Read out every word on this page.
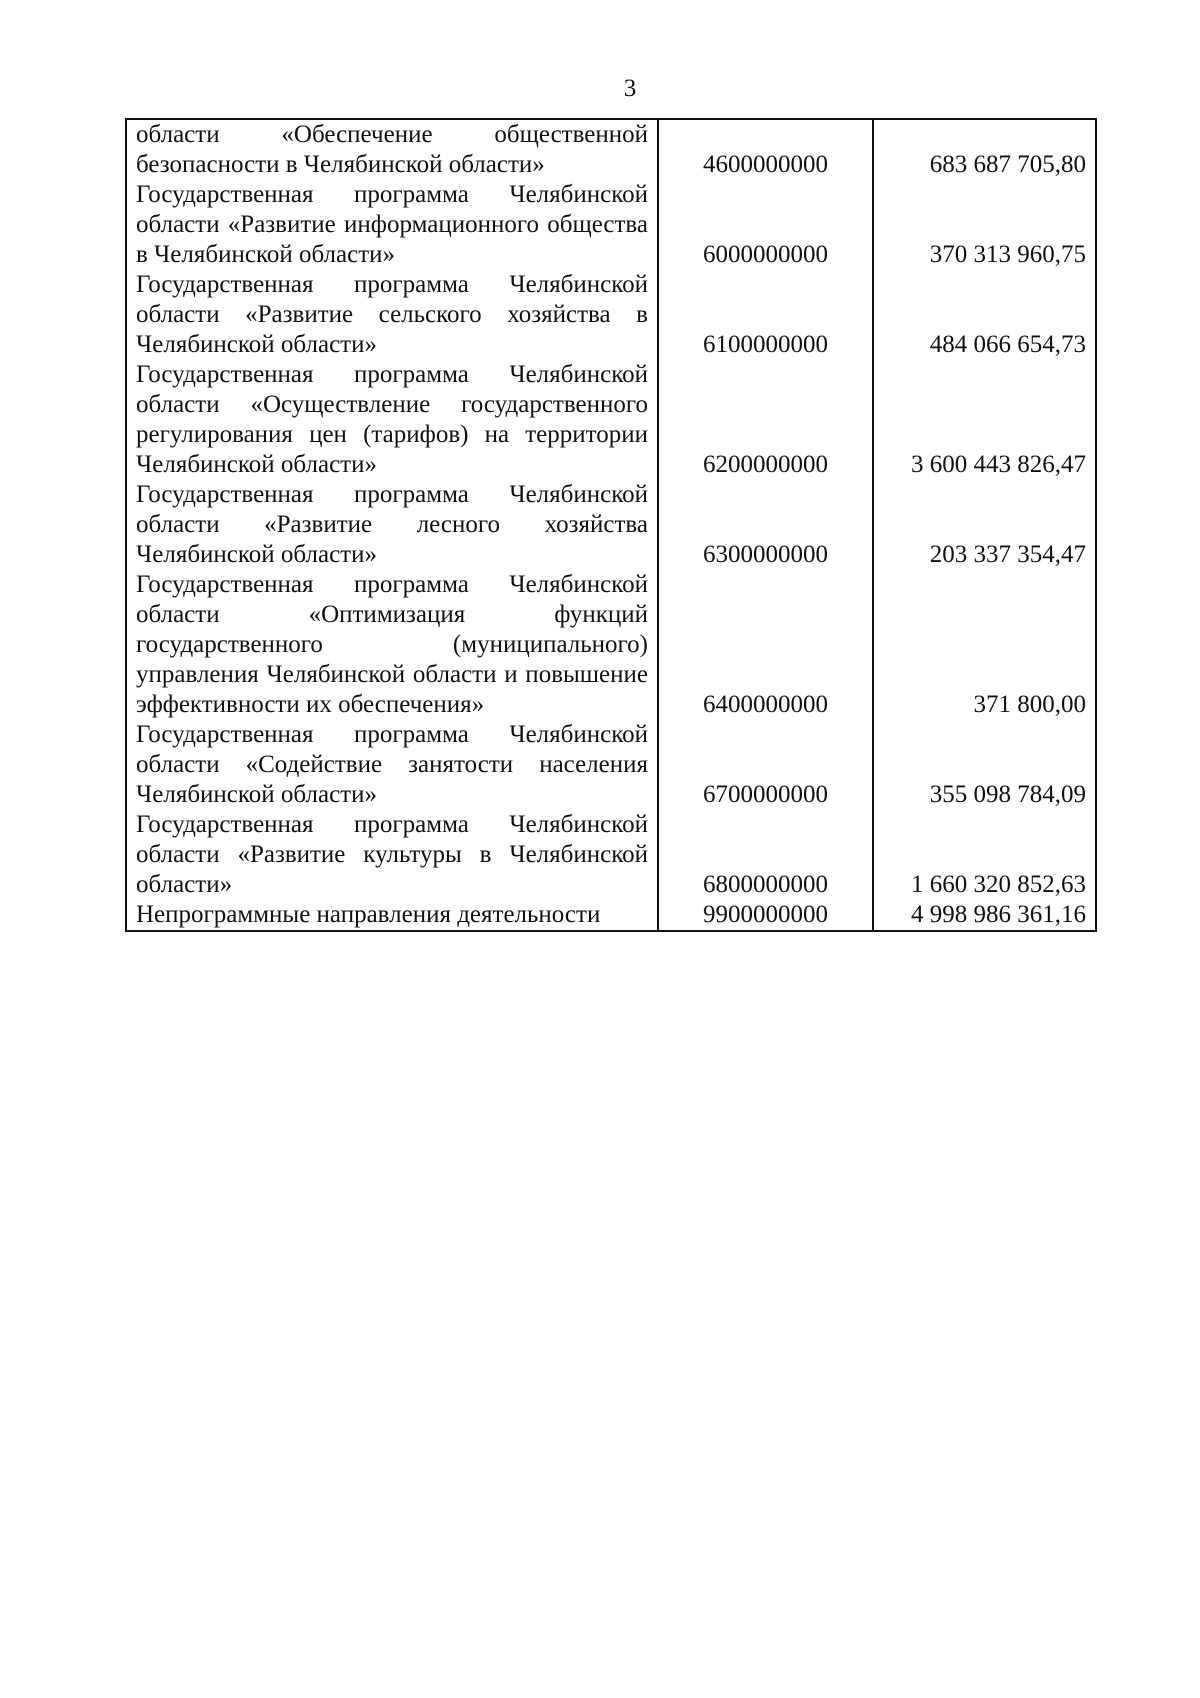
3
области «Обеспечение общественной безопасности в Челябинской области»	4600000000	683 687 705,80
Государственная программа Челябинской области «Развитие информационного общества в Челябинской области»	6000000000	370 313 960,75
Государственная программа Челябинской области «Развитие сельского хозяйства в Челябинской области»	6100000000	484 066 654,73
Государственная программа Челябинской области «Осуществление государственного регулирования цен (тарифов) на территории Челябинской области»	6200000000	3 600 443 826,47
Государственная программа Челябинской области «Развитие лесного хозяйства Челябинской области»	6300000000	203 337 354,47
Государственная программа Челябинской области «Оптимизация функций государственного (муниципального) управления Челябинской области и повышение эффективности их обеспечения»	6400000000	371 800,00
Государственная программа Челябинской области «Содействие занятости населения Челябинской области»	6700000000	355 098 784,09
Государственная программа Челябинской области «Развитие культуры в Челябинской области»	6800000000	1 660 320 852,63
Непрограммные направления деятельности	9900000000	4 998 986 361,16
